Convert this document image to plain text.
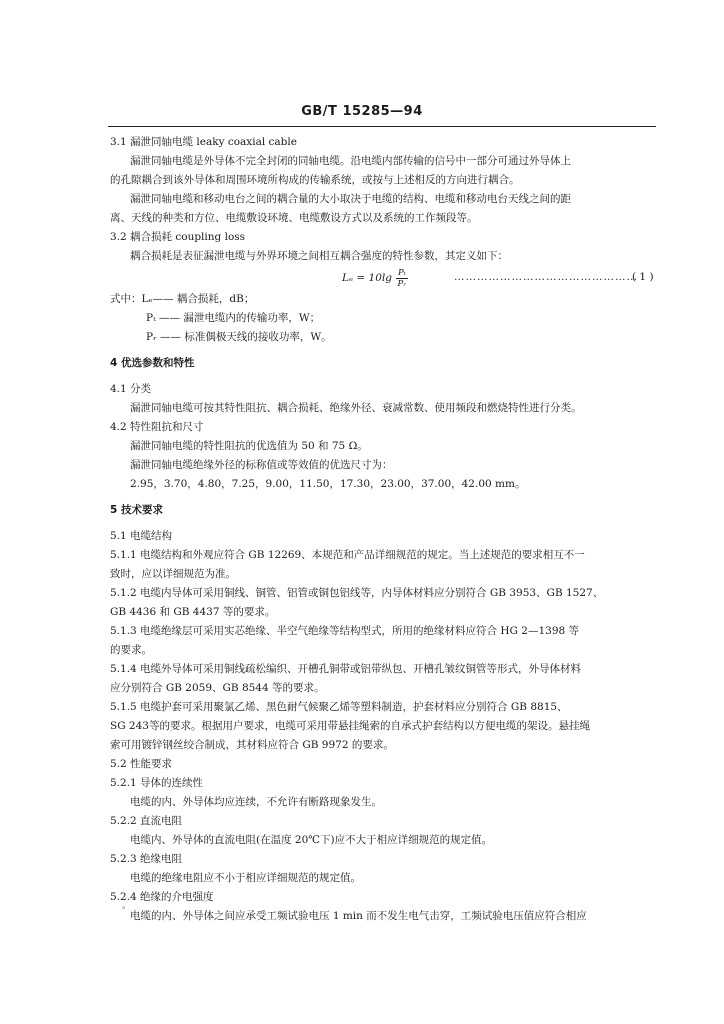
GB/T 15285—94
3.1 漏泄同轴电缆 leaky coaxial cable
漏泄同轴电缆是外导体不完全封闭的同轴电缆。沿电缆内部传输的信号中一部分可通过外导体上
的孔隙耦合到该外导体和周围环境所构成的传输系统，或按与上述相反的方向进行耦合。
漏泄同轴电缆和移动电台之间的耦合量的大小取决于电缆的结构、电缆和移动电台天线之间的距
离、天线的种类和方位、电缆敷设环境、电缆敷设方式以及系统的工作频段等。
3.2 耦合损耗 coupling loss
耦合损耗是表征漏泄电缆与外界环境之间相互耦合强度的特性参数，其定义如下：
$L_e = 10\lg \frac{\text{Pₜ}}{\text{Pᵣ}}$	…………………………………………
( 1 )
式中：Lₑ—— 耦合损耗，dB；
Pₜ —— 漏泄电缆内的传输功率，W；
Pᵣ —— 标准偶极天线的接收功率，W。
4 优选参数和特性
4.1 分类
漏泄同轴电缆可按其特性阻抗、耦合损耗、绝缘外径、衰减常数、使用频段和燃烧特性进行分类。
4.2 特性阻抗和尺寸
漏泄同轴电缆的特性阻抗的优选值为 50 和 75 Ω。
漏泄同轴电缆绝缘外径的标称值或等效值的优选尺寸为：
2.95，3.70，4.80，7.25，9.00，11.50，17.30，23.00，37.00，42.00 mm。
5 技术要求
5.1 电缆结构
5.1.1 电缆结构和外观应符合 GB 12269、本规范和产品详细规范的规定。当上述规范的要求相互不一
致时，应以详细规范为准。
5.1.2 电缆内导体可采用铜线、铜管、铝管或铜包铝线等，内导体材料应分别符合 GB 3953、GB 1527、
GB 4436 和 GB 4437 等的要求。
5.1.3 电缆绝缘层可采用实芯绝缘、半空气绝缘等结构型式，所用的绝缘材料应符合 HG 2—1398 等
的要求。
5.1.4 电缆外导体可采用铜线疏松编织、开槽孔铜带或铝带纵包、开槽孔皱纹铜管等形式，外导体材料
应分别符合 GB 2059、GB 8544 等的要求。
5.1.5 电缆护套可采用聚氯乙烯、黑色耐气候聚乙烯等塑料制造，护套材料应分别符合 GB 8815、
SG 243等的要求。根据用户要求，电缆可采用带悬挂绳索的自承式护套结构以方便电缆的架设。悬挂绳
索可用镀锌钢丝绞合制成，其材料应符合 GB 9972 的要求。
5.2 性能要求
5.2.1 导体的连续性
电缆的内、外导体均应连续，不允许有断路现象发生。
5.2.2 直流电阻
电缆内、外导体的直流电阻(在温度 20℃下)应不大于相应详细规范的规定值。
5.2.3 绝缘电阻
电缆的绝缘电阻应不小于相应详细规范的规定值。
5.2.4 绝缘的介电强度
电缆的内、外导体之间应承受工频试验电压 1 min 而不发生电气击穿，工频试验电压值应符合相应
。
